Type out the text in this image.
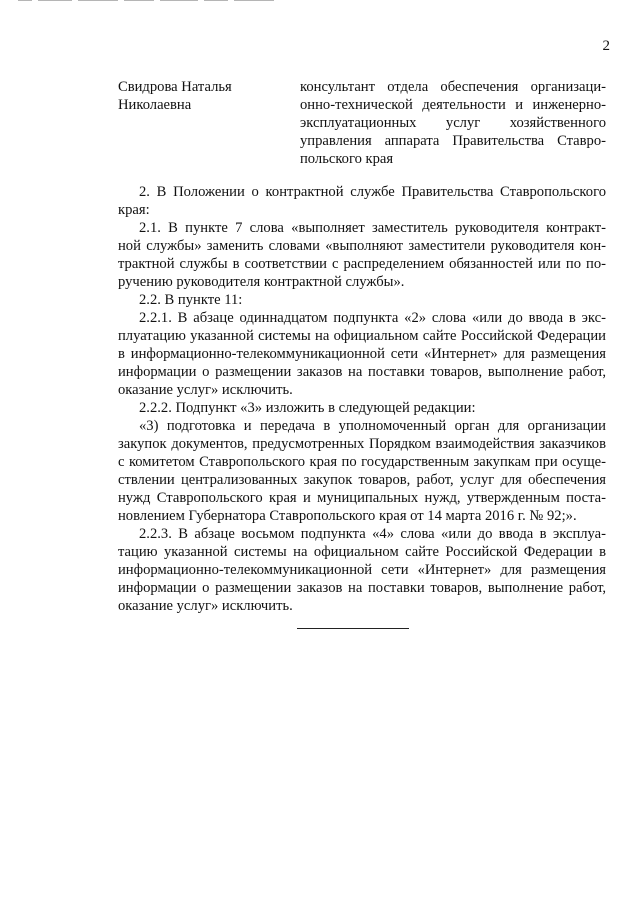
2
Свидрова Наталья
Николаевна
консультант отдела обеспечения организаци-
онно-технической деятельности и инженерно-
эксплуатационных услуг хозяйственного
управления аппарата Правительства Ставро-
польского края

2. В Положении о контрактной службе Правительства Ставропольского
края:

2.1. В пункте 7 слова «выполняет заместитель руководителя контракт-
ной службы» заменить словами «выполняют заместители руководителя кон-
трактной службы в соответствии с распределением обязанностей или по по-
ручению руководителя контрактной службы».

2.2. В пункте 11:

2.2.1. В абзаце одиннадцатом подпункта «2» слова «или до ввода в экс-
плуатацию указанной системы на официальном сайте Российской Федерации
в информационно-телекоммуникационной сети «Интернет» для размещения
информации о размещении заказов на поставки товаров, выполнение работ,
оказание услуг» исключить.

2.2.2. Подпункт «3» изложить в следующей редакции:

«3) подготовка и передача в уполномоченный орган для организации
закупок документов, предусмотренных Порядком взаимодействия заказчиков
с комитетом Ставропольского края по государственным закупкам при осуще-
ствлении централизованных закупок товаров, работ, услуг для обеспечения
нужд Ставропольского края и муниципальных нужд, утвержденным поста-
новлением Губернатора Ставропольского края от 14 марта 2016 г. № 92;».

2.2.3. В абзаце восьмом подпункта «4» слова «или до ввода в эксплуа-
тацию указанной системы на официальном сайте Российской Федерации в
информационно-телекоммуникационной сети «Интернет» для размещения
информации о размещении заказов на поставки товаров, выполнение работ,
оказание услуг» исключить.
